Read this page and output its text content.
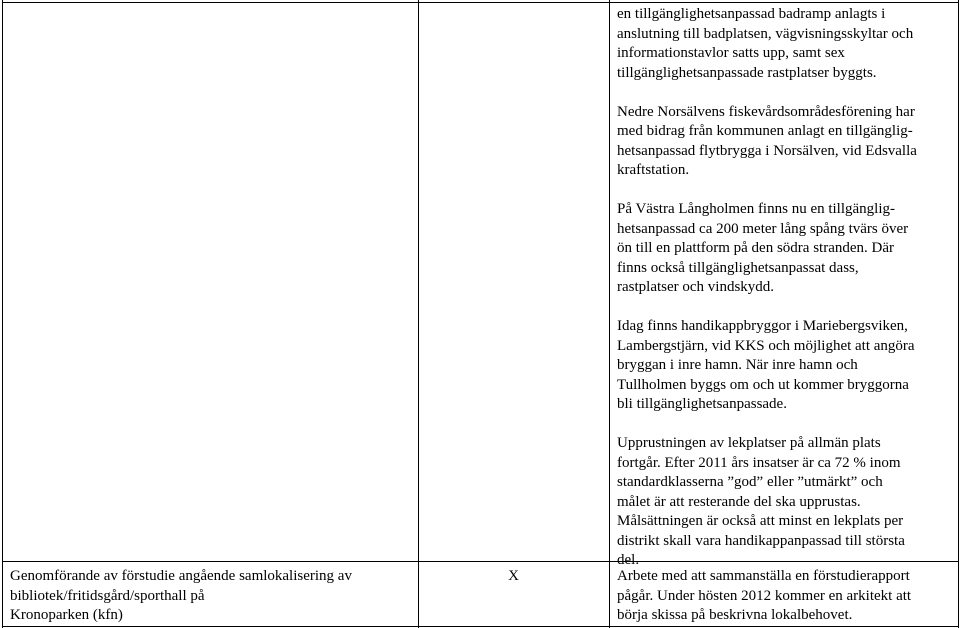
en tillgänglighetsanpassad badramp anlagts i
anslutning till badplatsen, vägvisningsskyltar och
informationstavlor satts upp, samt sex
tillgänglighetsanpassade rastplatser byggts.

Nedre Norsälvens fiskevårdsområdesförening har
med bidrag från kommunen anlagt en tillgänglig-
hetsanpassad flytbrygga i Norsälven, vid Edsvalla
kraftstation.

På Västra Långholmen finns nu en tillgänglig-
hetsanpassad ca 200 meter lång spång tvärs över
ön till en plattform på den södra stranden. Där
finns också tillgänglighetsanpassat dass,
rastplatser och vindskydd.

Idag finns handikappbryggor i Mariebergsviken,
Lambergstjärn, vid KKS och möjlighet att angöra
bryggan i inre hamn. När inre hamn och
Tullholmen byggs om och ut kommer bryggorna
bli tillgänglighetsanpassade.

Upprustningen av lekplatser på allmän plats
fortgår. Efter 2011 års insatser är ca 72 % inom
standardklasserna ”god” eller ”utmärkt” och
målet är att resterande del ska upprustas.
Målsättningen är också att minst en lekplats per
distrikt skall vara handikappanpassad till största
del.

Genomförande av förstudie angående samlokalisering av
bibliotek/fritidsgård/sporthall på
Kronoparken (kfn)
X	Arbete med att sammanställa en förstudierapport
pågår. Under hösten 2012 kommer en arkitekt att
börja skissa på beskrivna lokalbehovet.
